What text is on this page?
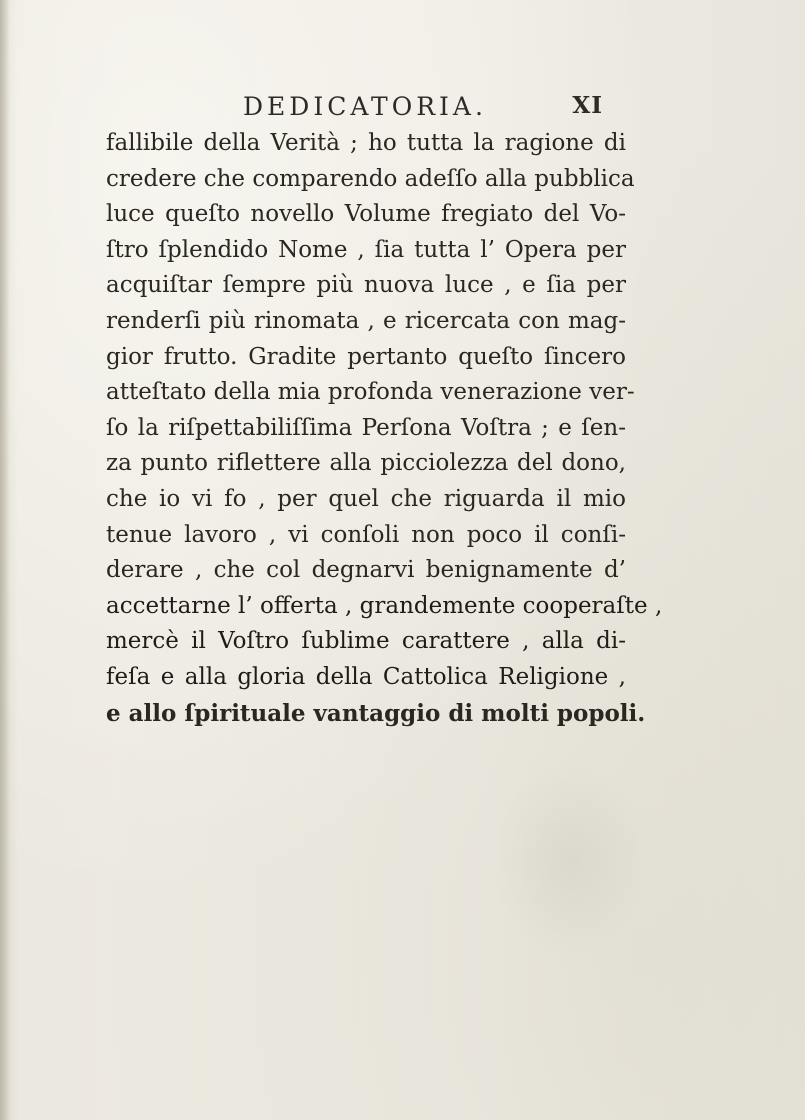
DEDICATORIA.	XI
fallibile della Verità ; ho tutta la ragione di
credere che comparendo adeſſo alla pubblica
luce queſto novello Volume fregiato del Vo-
ſtro ſplendido Nome , ſia tutta l’ Opera per
acquiſtar ſempre più nuova luce , e ſia per
renderſi più rinomata , e ricercata con mag-
gior frutto. Gradite pertanto queſto ſincero
atteſtato della mia profonda venerazione ver-
ſo la riſpettabiliſſima Perſona Voſtra ; e ſen-
za punto riflettere alla picciolezza del dono,
che io vi fo , per quel che riguarda il mio
tenue lavoro , vi conſoli non poco il conſi-
derare , che col degnarvi benignamente d’
accettarne l’ offerta , grandemente cooperaſte ,
mercè il Voſtro ſublime carattere , alla di-
feſa e alla gloria della Cattolica Religione ,
e allo ſpirituale vantaggio di molti popoli.
